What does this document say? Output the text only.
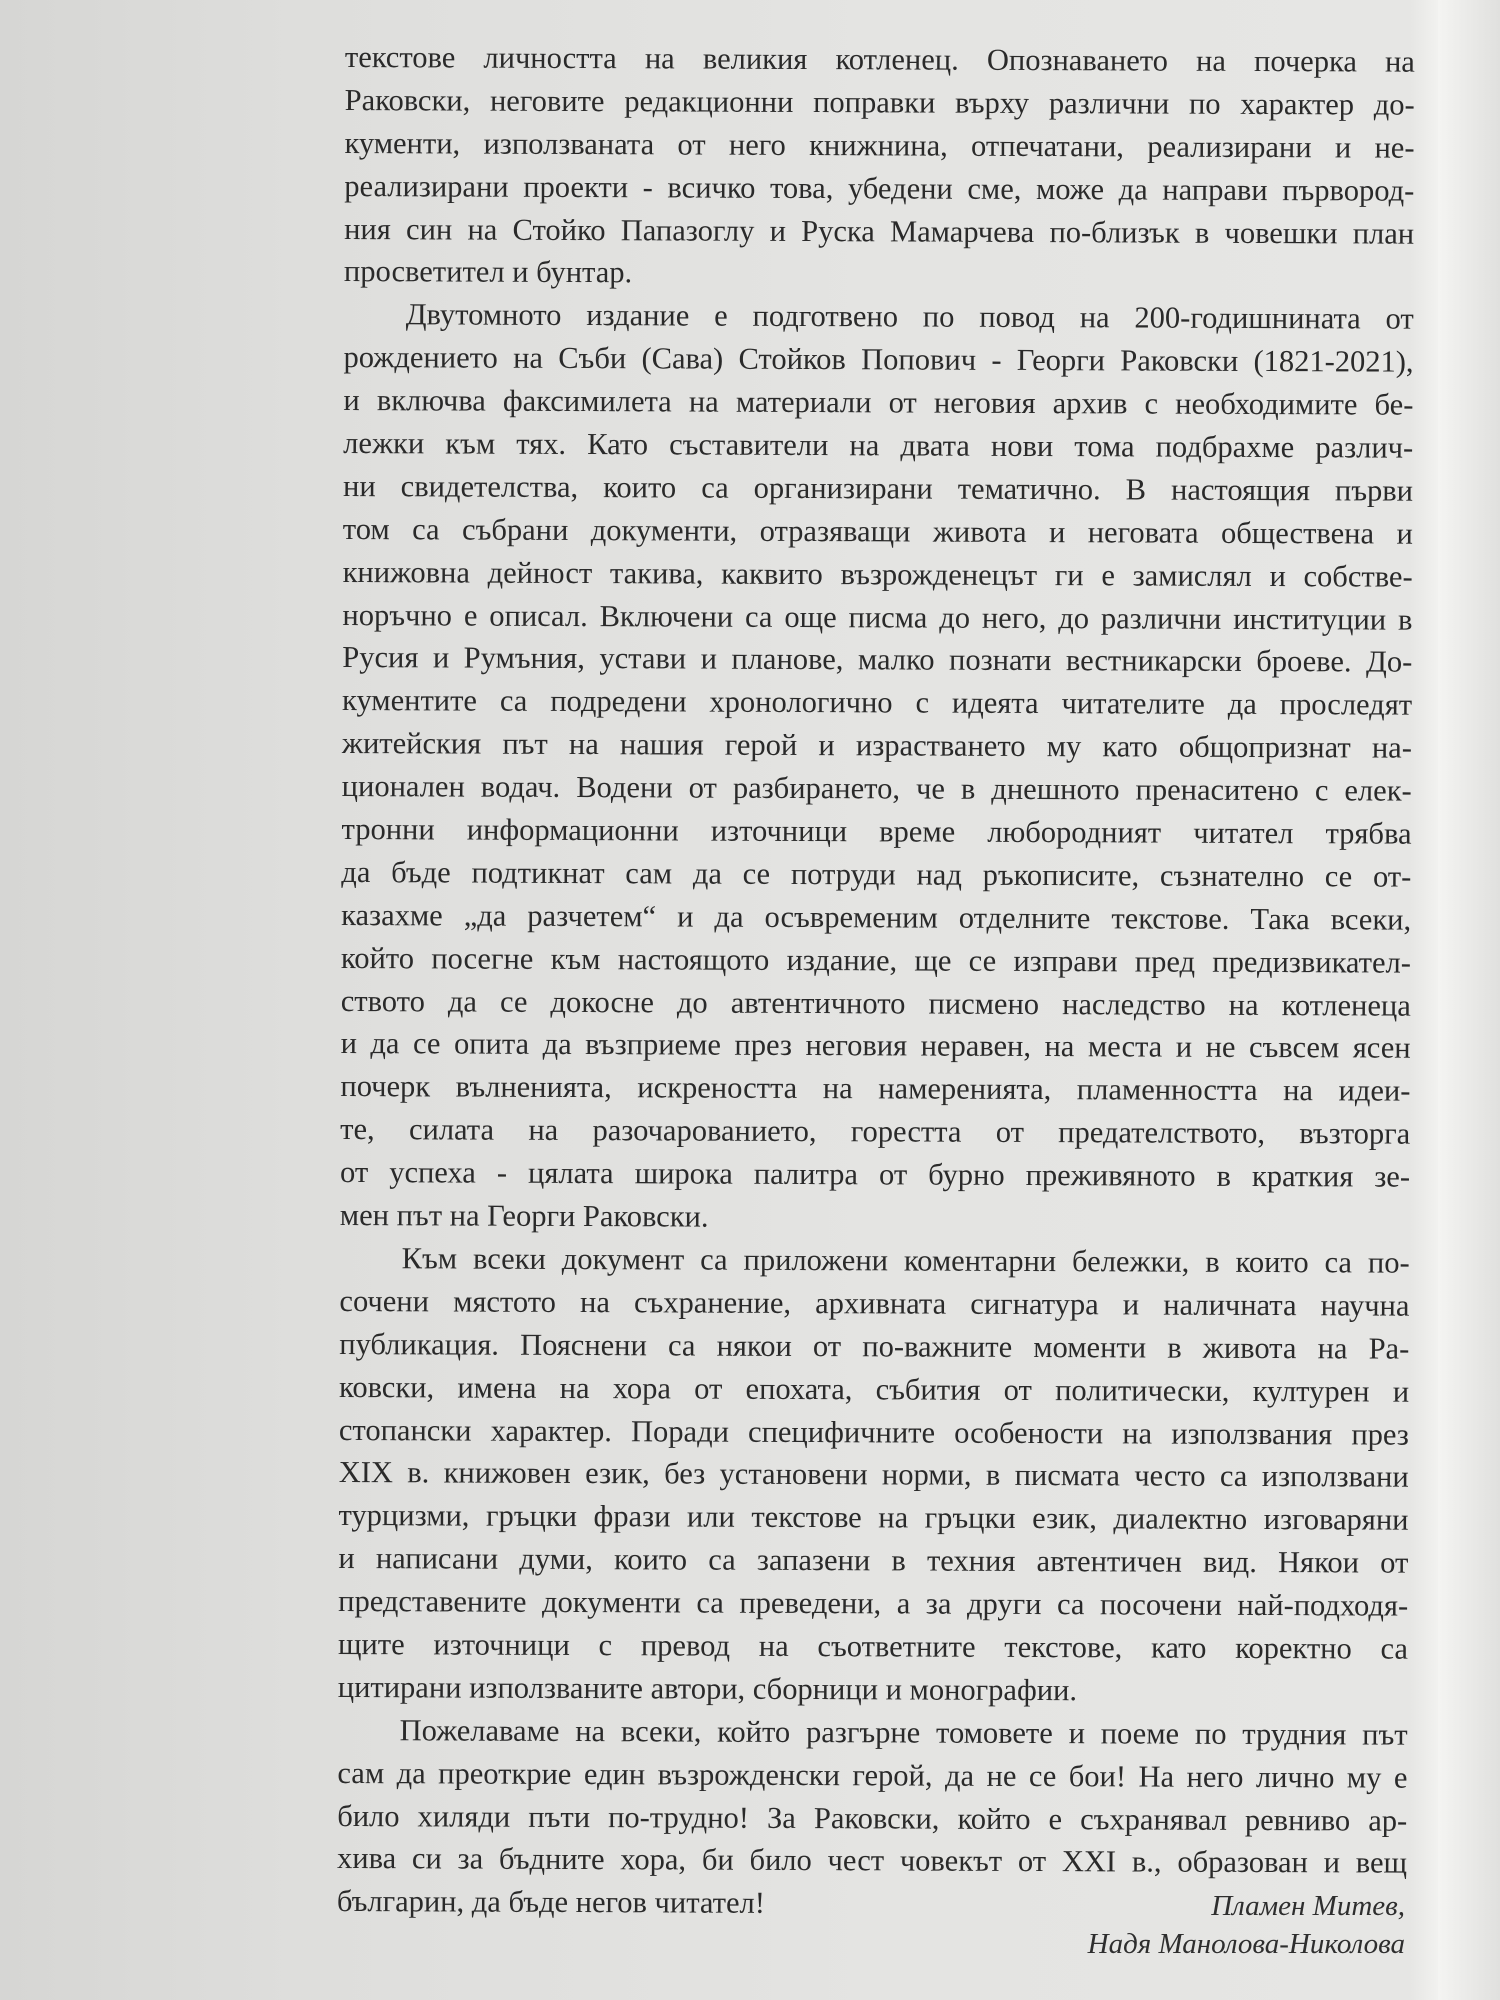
текстове личността на великия котленец. Опознаването на почерка на
Раковски, неговите редакционни поправки върху различни по характер до-
кументи, използваната от него книжнина, отпечатани, реализирани и не-
реализирани проекти - всичко това, убедени сме, може да направи първород-
ния син на Стойко Папазоглу и Руска Мамарчева по-близък в човешки план
просветител и бунтар.
Двутомното издание е подготвено по повод на 200-годишнината от
рождението на Съби (Сава) Стойков Попович - Георги Раковски (1821-2021),
и включва факсимилета на материали от неговия архив с необходимите бе-
лежки към тях. Като съставители на двата нови тома подбрахме различ-
ни свидетелства, които са организирани тематично. В настоящия първи
том са събрани документи, отразяващи живота и неговата обществена и
книжовна дейност такива, каквито възрожденецът ги е замислял и собстве-
норъчно е описал. Включени са още писма до него, до различни институции в
Русия и Румъния, устави и планове, малко познати вестникарски броеве. До-
кументите са подредени хронологично с идеята читателите да проследят
житейския път на нашия герой и израстването му като общопризнат на-
ционален водач. Водени от разбирането, че в днешното пренаситено с елек-
тронни информационни източници време любородният читател трябва
да бъде подтикнат сам да се потруди над ръкописите, съзнателно се от-
казахме „да разчетем“ и да осъвременим отделните текстове. Така всеки,
който посегне към настоящото издание, ще се изправи пред предизвикател-
ството да се докосне до автентичното писмено наследство на котленеца
и да се опита да възприеме през неговия неравен, на места и не съвсем ясен
почерк вълненията, искреността на намеренията, пламенността на идеи-
те, силата на разочарованието, горестта от предателството, възторга
от успеха - цялата широка палитра от бурно преживяното в краткия зе-
мен път на Георги Раковски.
Към всеки документ са приложени коментарни бележки, в които са по-
сочени мястото на съхранение, архивната сигнатура и наличната научна
публикация. Пояснени са някои от по-важните моменти в живота на Ра-
ковски, имена на хора от епохата, събития от политически, културен и
стопански характер. Поради специфичните особености на използвания през
XIX в. книжовен език, без установени норми, в писмата често са използвани
турцизми, гръцки фрази или текстове на гръцки език, диалектно изговаряни
и написани думи, които са запазени в техния автентичен вид. Някои от
представените документи са преведени, а за други са посочени най-подходя-
щите източници с превод на съответните текстове, като коректно са
цитирани използваните автори, сборници и монографии.
Пожелаваме на всеки, който разгърне томовете и поеме по трудния път
сам да преоткрие един възрожденски герой, да не се бои! На него лично му е
било хиляди пъти по-трудно! За Раковски, който е съхранявал ревниво ар-
хива си за бъдните хора, би било чест човекът от XXI в., образован и вещ
българин, да бъде негов читател!	Пламен Митев,
Надя Манолова-Николова
